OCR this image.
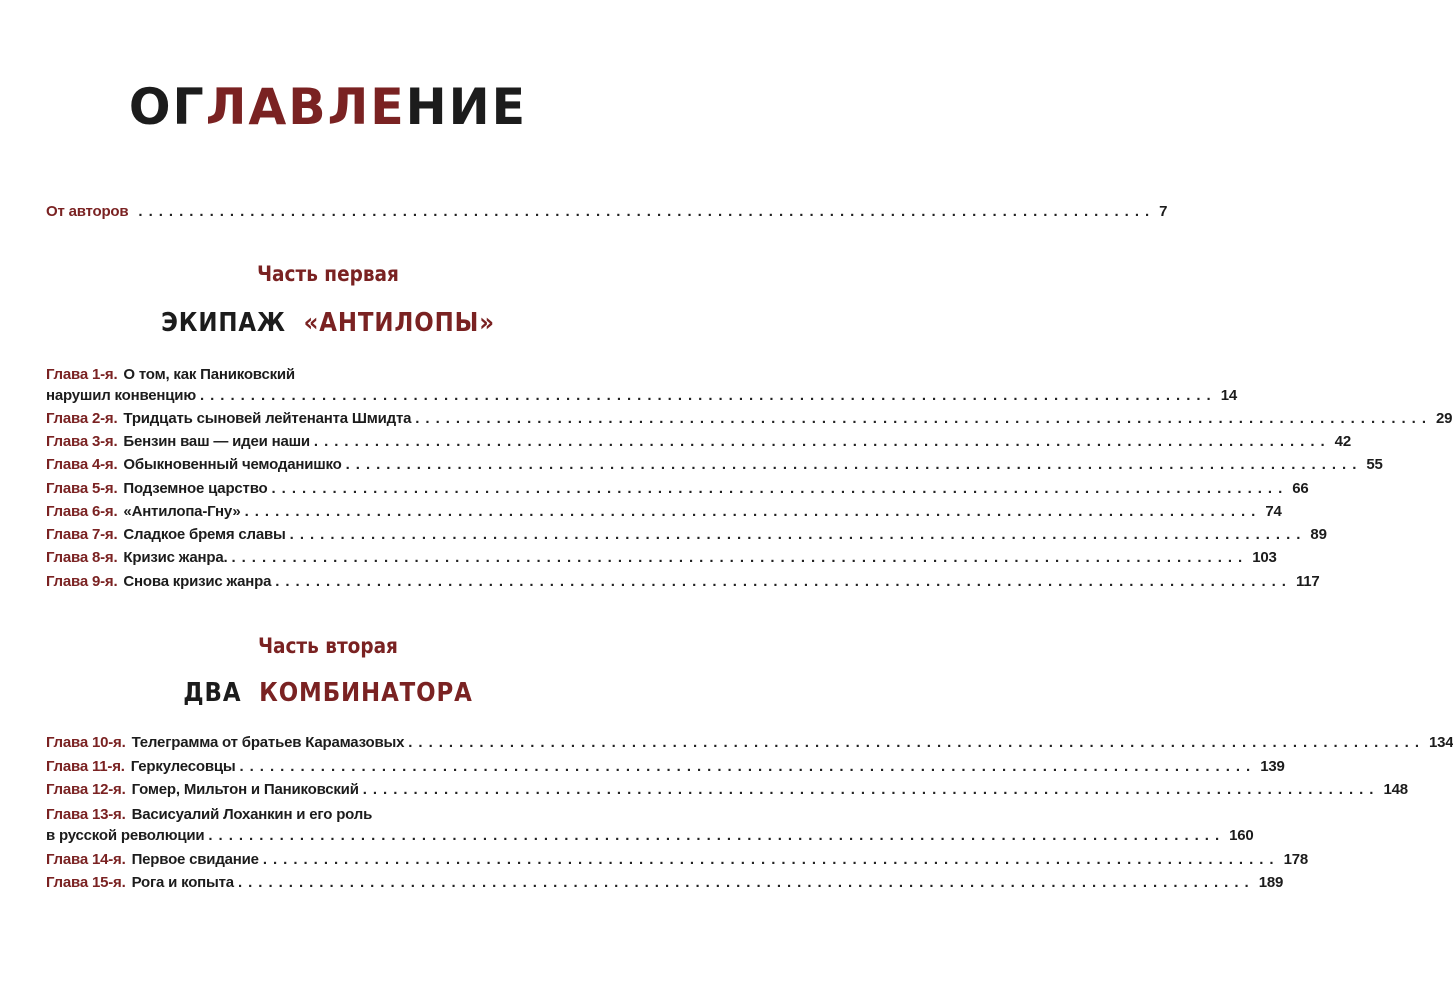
ОГЛАВЛЕНИЕ
От авторов .................................................................................................... 7
Часть первая
ЭКИПАЖ «АНТИЛОПЫ»
Глава 1-я. О том, как Паниковский
нарушил конвенцию .................................................................................................... 14
Глава 2-я. Тридцать сыновей лейтенанта Шмидта .................................................................................................... 29
Глава 3-я. Бензин ваш — идеи наши .................................................................................................... 42
Глава 4-я. Обыкновенный чемоданишко .................................................................................................... 55
Глава 5-я. Подземное царство .................................................................................................... 66
Глава 6-я. «Антилопа-Гну» .................................................................................................... 74
Глава 7-я. Сладкое бремя славы .................................................................................................... 89
Глава 8-я. Кризис жанра. .................................................................................................... 103
Глава 9-я. Снова кризис жанра .................................................................................................... 117
Часть вторая
ДВА КОМБИНАТОРА
Глава 10-я. Телеграмма от братьев Карамазовых .................................................................................................... 134
Глава 11-я. Геркулесовцы .................................................................................................... 139
Глава 12-я. Гомер, Мильтон и Паниковский .................................................................................................... 148
Глава 13-я. Васисуалий Лоханкин и его роль
в русской революции .................................................................................................... 160
Глава 14-я. Первое свидание .................................................................................................... 178
Глава 15-я. Рога и копыта .................................................................................................... 189
